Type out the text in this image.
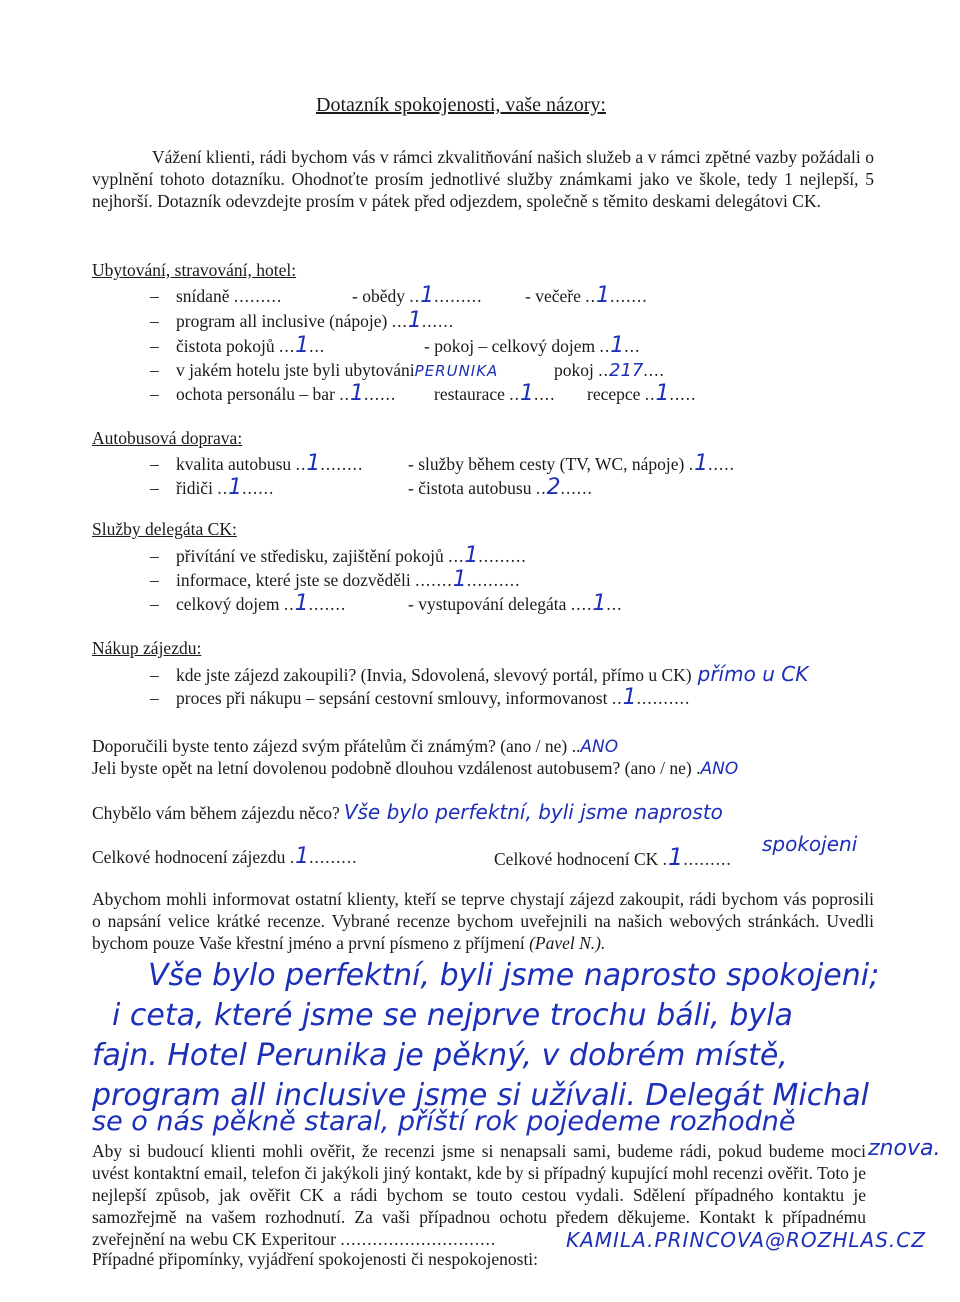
Dotazník spokojenosti, vaše názory:
Vážení klienti, rádi bychom vás v rámci zkvalitňování našich služeb a v rámci zpětné vazby požádali o vyplnění tohoto dotazníku. Ohodnoťte prosím jednotlivé služby známkami jako ve škole, tedy 1 nejlepší, 5 nejhorší. Dotazník odevzdejte prosím v pátek před odjezdem, společně s těmito deskami delegátovi CK.
Ubytování, stravování, hotel:
– snídaně .........	- obědy ..1......... - večeře ..1.......
– program all inclusive (nápoje) ...1......
– čistota pokojů ...1...	- pokoj – celkový dojem ..1...
– v jakém hotelu jste byli ubytovániPERUNIKA	pokoj ..217....
– ochota personálu – bar ..1...... restaurace ..1.... recepce ..1.....
Autobusová doprava:
– kvalita autobusu ..1........	- služby během cesty (TV, WC, nápoje) .1.....
– řidiči ..1......	- čistota autobusu ..2......
Služby delegáta CK:
– přivítání ve středisku, zajištění pokojů ...1.........
– informace, které jste se dozvěděli .......1..........
– celkový dojem ..1.......	- vystupování delegáta ....1...
Nákup zájezdu:
– kde jste zájezd zakoupili? (Invia, Sdovolená, slevový portál, přímo u CK) přímo u CK
– proces při nákupu – sepsání cestovní smlouvy, informovanost ..1..........
Doporučili byste tento zájezd svým přátelům či známým? (ano / ne) ..ANO
Jeli byste opět na letní dovolenou podobně dlouhou vzdálenost autobusem? (ano / ne) .ANO
Chybělo vám během zájezdu něco? Vše bylo perfektní, byli jsme naprosto
Celkové hodnocení zájezdu .1.........	Celkové hodnocení CK .1.........
spokojeni
Abychom mohli informovat ostatní klienty, kteří se teprve chystají zájezd zakoupit, rádi bychom vás poprosili o napsání velice krátké recenze. Vybrané recenze bychom uveřejnili na našich webových stránkách. Uvedli bychom pouze Vaše křestní jméno a první písmeno z příjmení (Pavel N.).
Vše bylo perfektní, byli jsme naprosto spokojeni;
i ceta, které jsme se nejprve trochu báli, byla
fajn. Hotel Perunika je pěkný, v dobrém místě,
program all inclusive jsme si užívali. Delegát Michal
se o nás pěkně staral, příští rok pojedeme rozhodně
znova.
Aby si budoucí klienti mohli ověřit, že recenzi jsme si nenapsali sami, budeme rádi, pokud budeme moci uvést kontaktní email, telefon či jakýkoli jiný kontakt, kde by si případný kupující mohl recenzi ověřit. Toto je nejlepší způsob, jak ověřit CK a rádi bychom se touto cestou vydali. Sdělení případného kontaktu je samozřejmě na vašem rozhodnutí. Za vaši případnou ochotu předem děkujeme. Kontakt k případnému zveřejnění na webu CK Experitour .............................	KAMILA.PRINCOVA@ROZHLAS.CZ
Případné připomínky, vyjádření spokojenosti či nespokojenosti:
